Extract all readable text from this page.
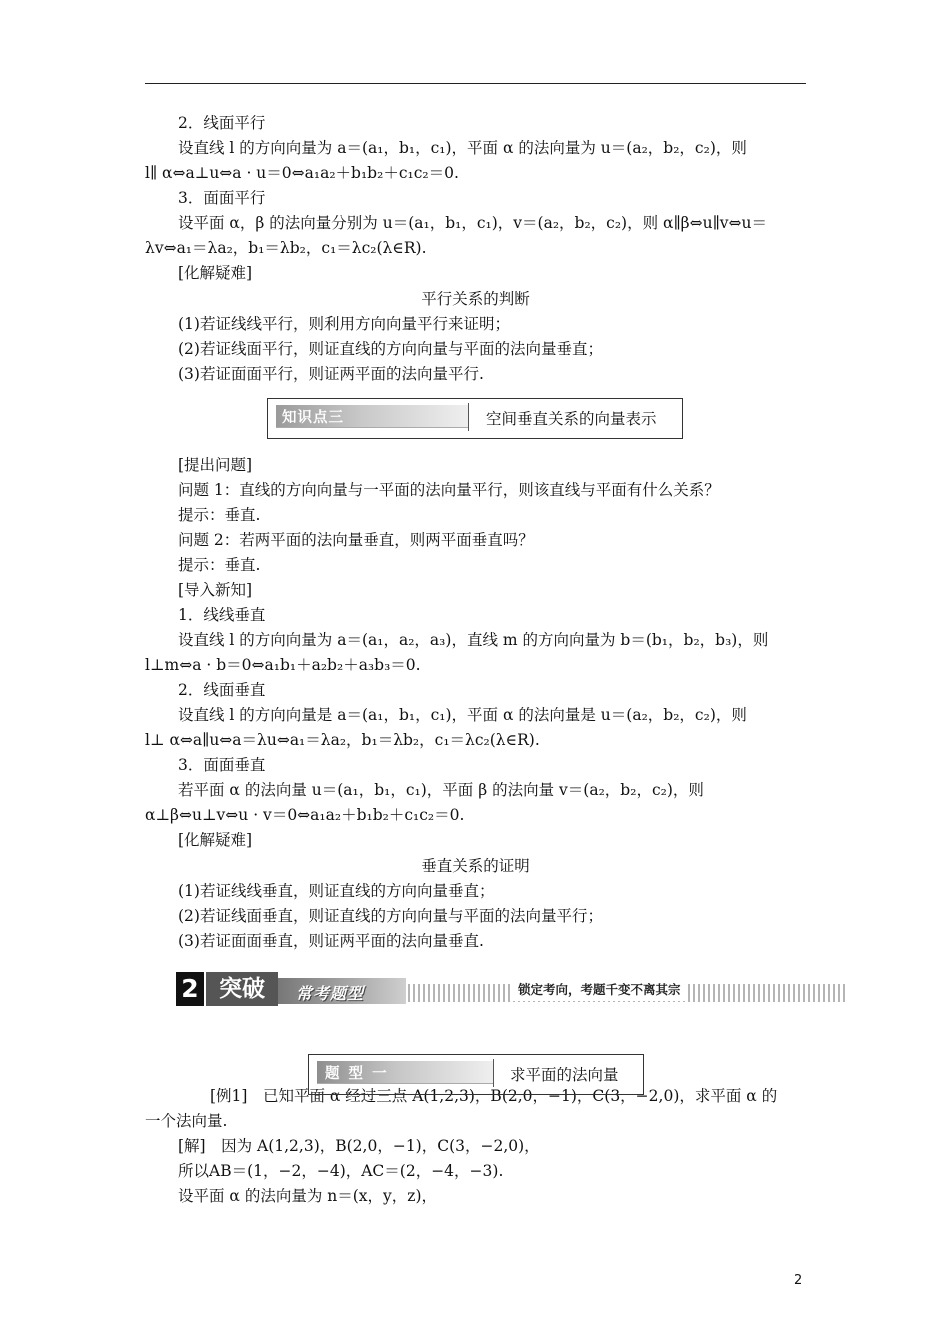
2．线面平行
设直线 l 的方向向量为 a＝(a₁，b₁，c₁)，平面 α 的法向量为 u＝(a₂，b₂，c₂)，则
l∥ α⇔a⊥u⇔a · u＝0⇔a₁a₂＋b₁b₂＋c₁c₂＝0.
3．面面平行
设平面 α，β 的法向量分别为 u＝(a₁，b₁，c₁)，v＝(a₂，b₂，c₂)，则 α∥β⇔u∥v⇔u＝
λv⇔a₁＝λa₂，b₁＝λb₂，c₁＝λc₂(λ∈R).
[化解疑难]
(1)若证线线平行，则利用方向向量平行来证明；
(2)若证线面平行，则证直线的方向向量与平面的法向量垂直；
(3)若证面面平行，则证两平面的法向量平行.
[提出问题]
问题 1：直线的方向向量与一平面的法向量平行，则该直线与平面有什么关系？
提示：垂直.
问题 2：若两平面的法向量垂直，则两平面垂直吗？
提示：垂直.
[导入新知]
1．线线垂直
设直线 l 的方向向量为 a＝(a₁，a₂，a₃)，直线 m 的方向向量为 b＝(b₁，b₂，b₃)，则
l⊥m⇔a · b＝0⇔a₁b₁＋a₂b₂＋a₃b₃＝0.
2．线面垂直
设直线 l 的方向向量是 a＝(a₁，b₁，c₁)，平面 α 的法向量是 u＝(a₂，b₂，c₂)，则
l⊥ α⇔a∥u⇔a＝λu⇔a₁＝λa₂，b₁＝λb₂，c₁＝λc₂(λ∈R).
3．面面垂直
若平面 α 的法向量 u＝(a₁，b₁，c₁)，平面 β 的法向量 v＝(a₂，b₂，c₂)，则
α⊥β⇔u⊥v⇔u · v＝0⇔a₁a₂＋b₁b₂＋c₁c₂＝0.
[化解疑难]
(1)若证线线垂直，则证直线的方向向量垂直；
(2)若证线面垂直，则证直线的方向向量与平面的法向量平行；
(3)若证面面垂直，则证两平面的法向量垂直.
[例1]　已知平面 α 经过三点 A(1,2,3)，B(2,0，−1)，C(3，−2,0)，求平面 α 的
一个法向量.
[解]　因为 A(1,2,3)，B(2,0，−1)，C(3，−2,0)，
所以AB＝(1，−2，−4)，AC＝(2，−4，−3).
设平面 α 的法向量为 n＝(x，y，z)，
平行关系的判断
垂直关系的证明
知识点三	空间垂直关系的向量表示
2 突破	常考题型	锁定考向，考题千变不离其宗
题 型 一	求平面的法向量
2
